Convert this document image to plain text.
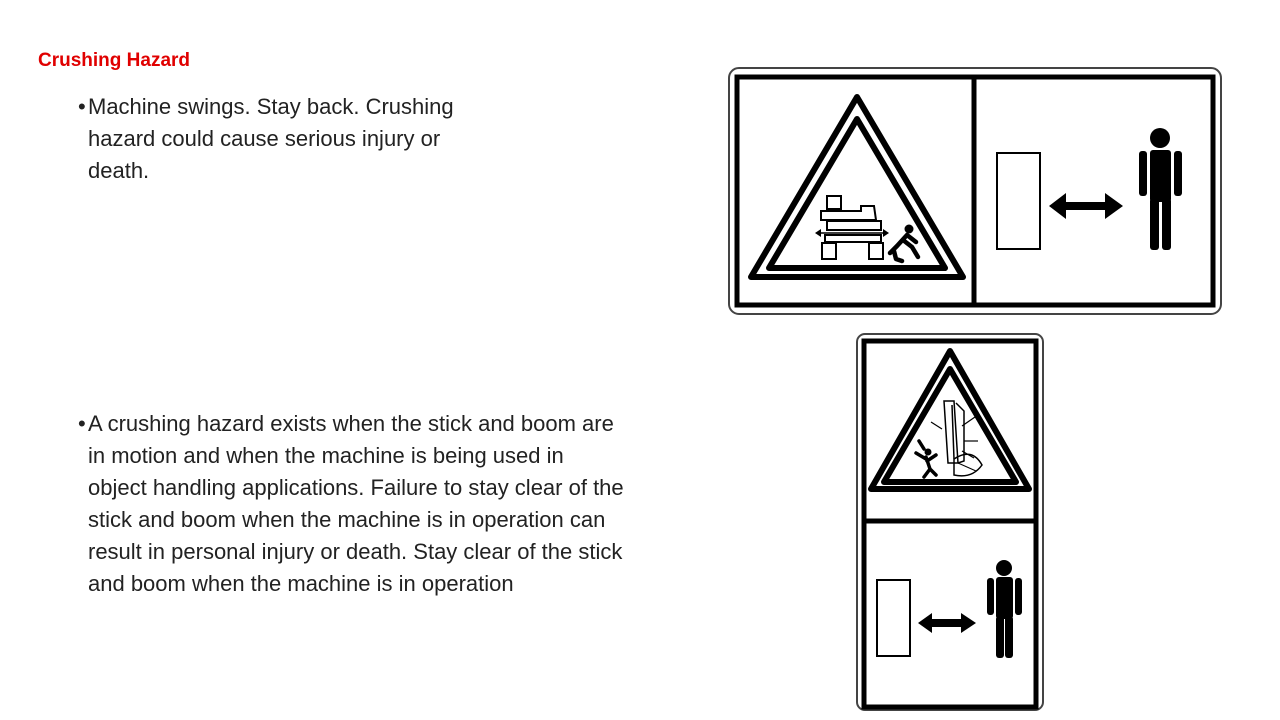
Crushing Hazard
• Machine swings. Stay back. Crushing hazard could cause serious injury or death.
• A crushing hazard exists when the stick and boom are in motion and when the machine is being used in object handling applications. Failure to stay clear of the stick and boom when the machine is in operation can result in personal injury or death. Stay clear of the stick and boom when the machine is in operation
